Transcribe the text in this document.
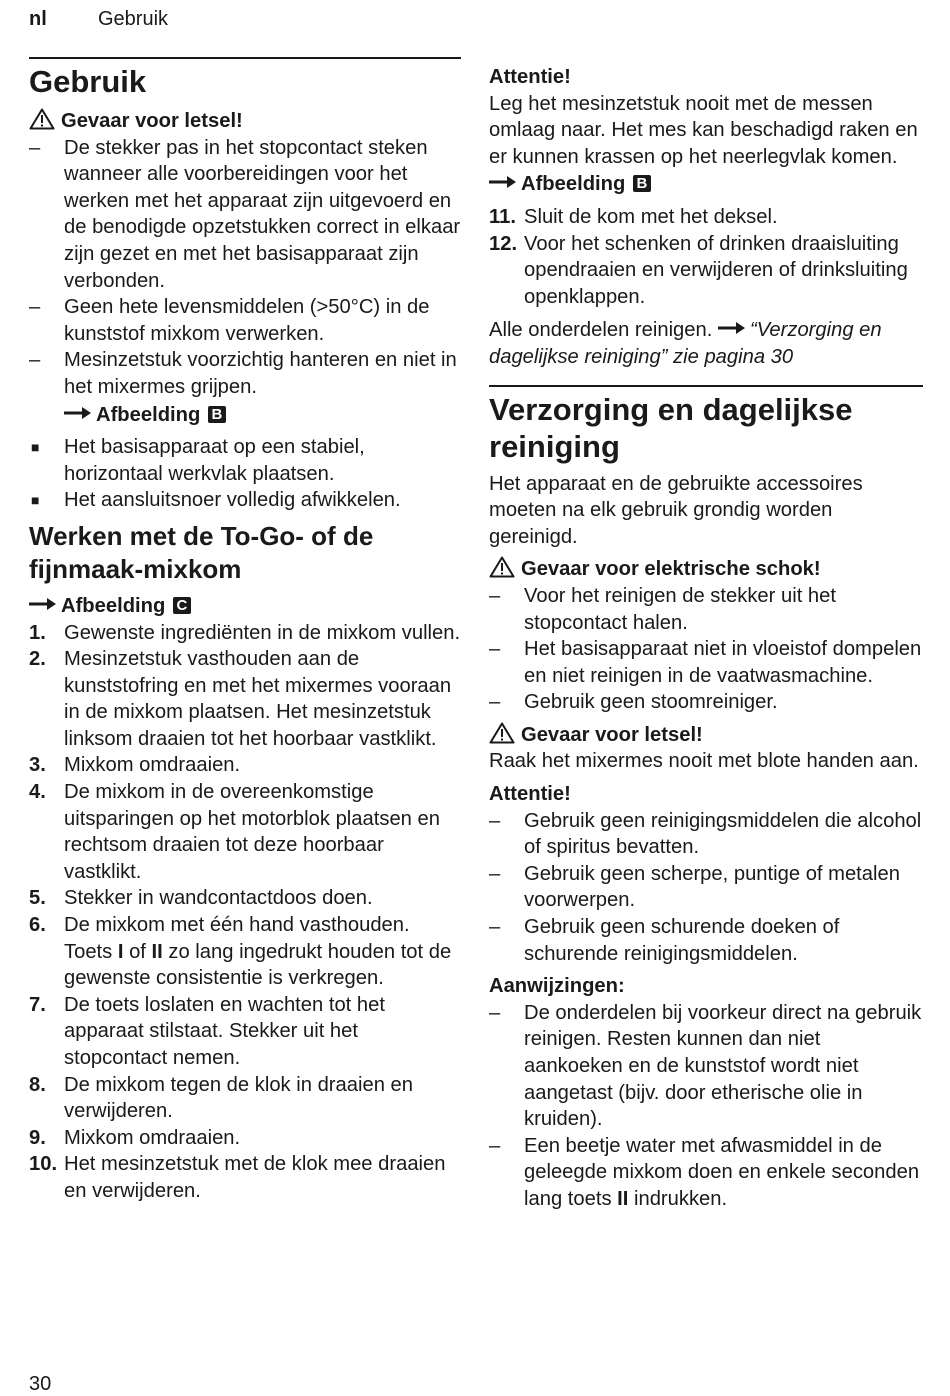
nl	Gebruik
Gebruik
Gevaar voor letsel!
– De stekker pas in het stopcontact steken wanneer alle voorbereidingen voor het werken met het apparaat zijn uitgevoerd en de benodigde opzetstukken correct in elkaar zijn gezet en met het basisapparaat zijn verbonden.
– Geen hete levensmiddelen (>50°C) in de kunststof mixkom verwerken.
– Mesinzetstuk voorzichtig hanteren en niet in het mixermes grijpen.
Afbeelding B
■ Het basisapparaat op een stabiel, horizontaal werkvlak plaatsen.
■ Het aansluitsnoer volledig afwikkelen.
Werken met de To-Go- of de fijnmaak-mixkom
Afbeelding C
1. Gewenste ingrediënten in de mixkom vullen.
2. Mesinzetstuk vasthouden aan de kunststofring en met het mixermes vooraan in de mixkom plaatsen. Het mesinzetstuk linksom draaien tot het hoorbaar vastklikt.
3. Mixkom omdraaien.
4. De mixkom in de overeenkomstige uitsparingen op het motorblok plaatsen en rechtsom draaien tot deze hoorbaar vastklikt.
5. Stekker in wandcontactdoos doen.
6. De mixkom met één hand vasthouden. Toets I of II zo lang ingedrukt houden tot de gewenste consistentie is verkregen.
7. De toets loslaten en wachten tot het apparaat stilstaat. Stekker uit het stopcontact nemen.
8. De mixkom tegen de klok in draaien en verwijderen.
9. Mixkom omdraaien.
10. Het mesinzetstuk met de klok mee draaien en verwijderen.
Attentie!

Leg het mesinzetstuk nooit met de messen omlaag naar. Het mes kan beschadigd raken en er kunnen krassen op het neerlegvlak komen. Afbeelding B

11. Sluit de kom met het deksel.
12. Voor het schenken of drinken draaisluiting opendraaien en verwijderen of drinksluiting openklappen.

Alle onderdelen reinigen. “Verzorging en dagelijkse reiniging” zie pagina 30

Verzorging en dagelijkse reiniging

Het apparaat en de gebruikte accessoires moeten na elk gebruik grondig worden gereinigd.

Gevaar voor elektrische schok!
– Voor het reinigen de stekker uit het stopcontact halen.
– Het basisapparaat niet in vloeistof dompelen en niet reinigen in de vaatwasmachine.
– Gebruik geen stoomreiniger.
Gevaar voor letsel!

Raak het mixermes nooit met blote handen aan.

Attentie!
– Gebruik geen reinigingsmiddelen die alcohol of spiritus bevatten.
– Gebruik geen scherpe, puntige of metalen voorwerpen.
– Gebruik geen schurende doeken of schurende reinigingsmiddelen.
Aanwijzingen:
– De onderdelen bij voorkeur direct na gebruik reinigen. Resten kunnen dan niet aankoeken en de kunststof wordt niet aangetast (bijv. door etherische olie in kruiden).
– Een beetje water met afwasmiddel in de geleegde mixkom doen en enkele seconden lang toets II indrukken.
30
